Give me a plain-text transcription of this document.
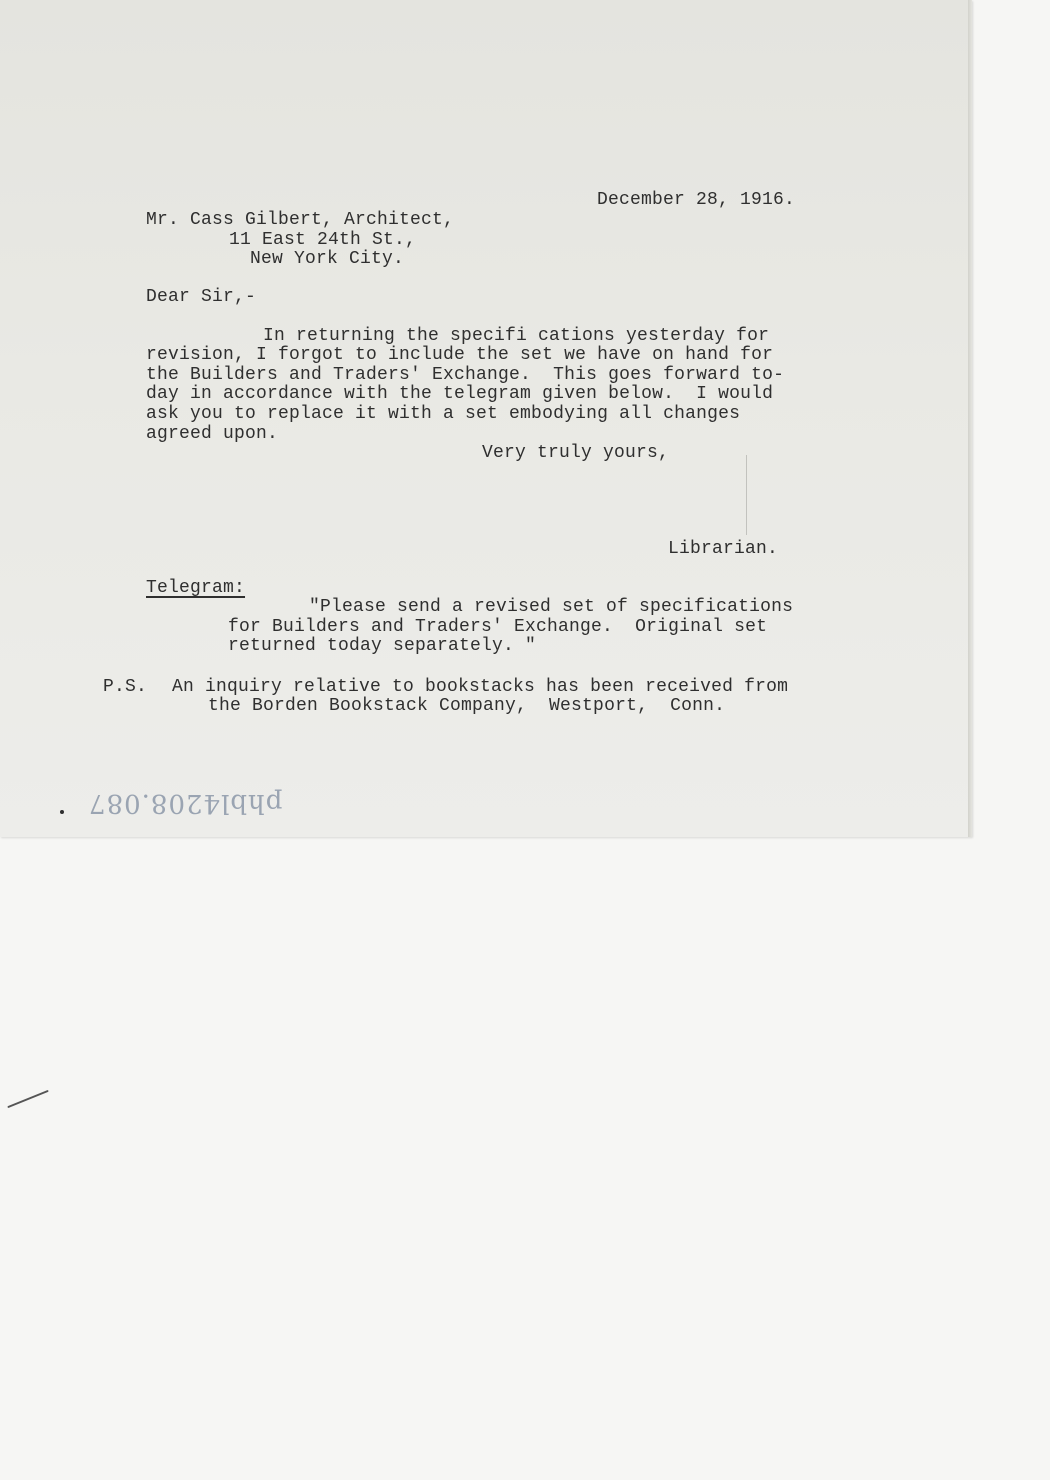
December 28, 1916.
Mr. Cass Gilbert, Architect,
11 East 24th St.,
New York City.
Dear Sir,-
In returning the specifi cations yesterday for
revision, I forgot to include the set we have on hand for
the Builders and Traders' Exchange.  This goes forward to-
day in accordance with the telegram given below.  I would
ask you to replace it with a set embodying all changes
agreed upon.
Very truly yours,
Librarian.
Telegram:
"Please send a revised set of specifications
for Builders and Traders' Exchange.  Original set
returned today separately. "
P.S. An inquiry relative to bookstacks has been received from
the Borden Bookstack Company,  Westport,  Conn.
phbl4208.087
